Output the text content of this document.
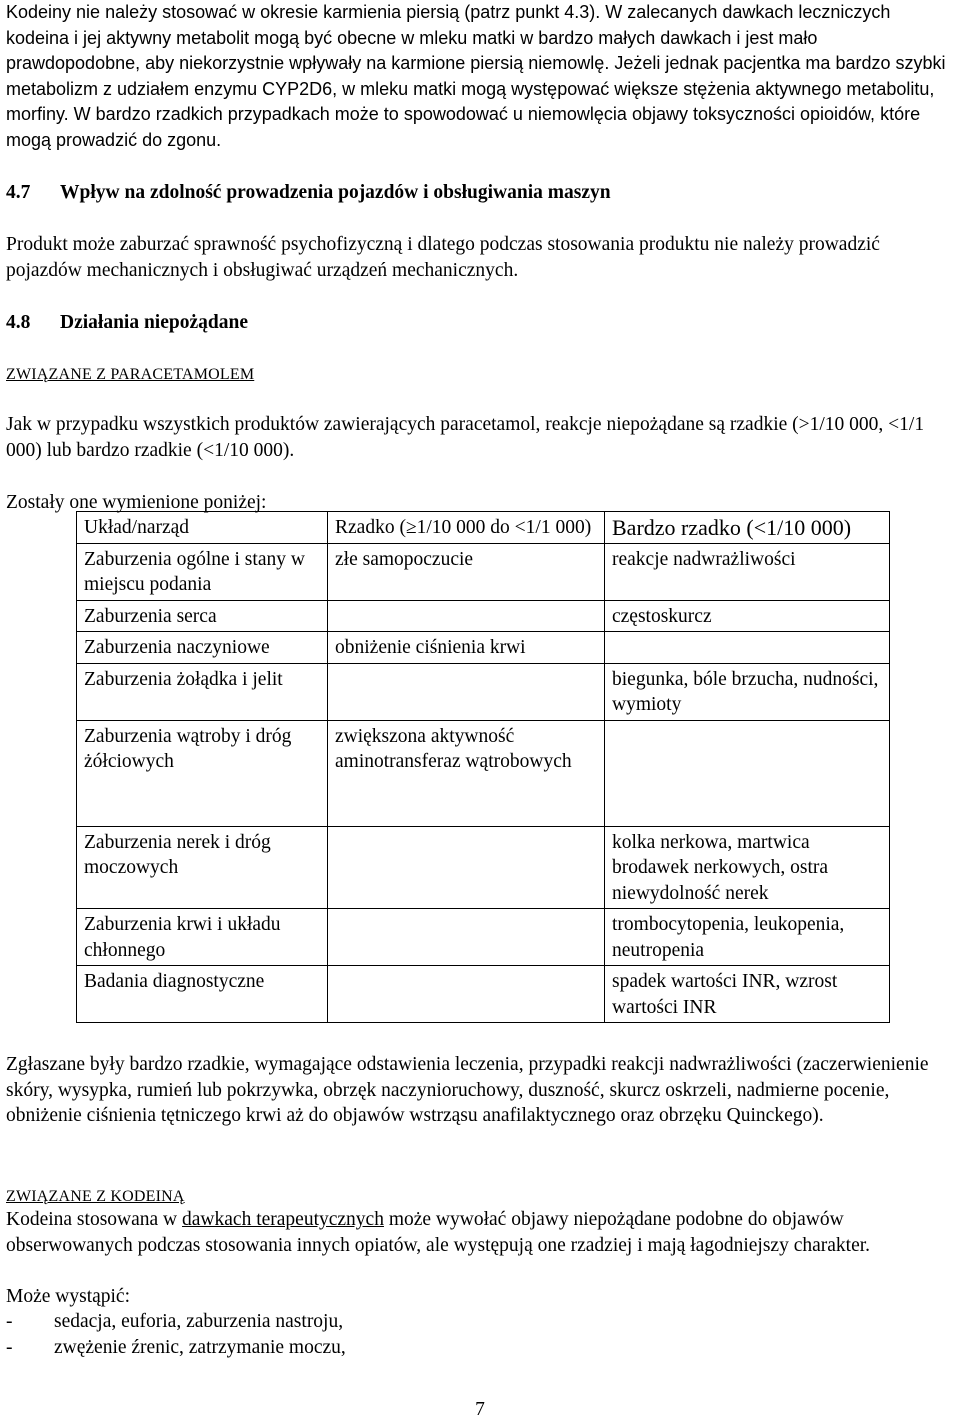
Kodeiny nie należy stosować w okresie karmienia piersią (patrz punkt 4.3). W zalecanych dawkach leczniczych kodeina i jej aktywny metabolit mogą być obecne w mleku matki w bardzo małych dawkach i jest mało prawdopodobne, aby niekorzystnie wpływały na karmione piersią niemowlę. Jeżeli jednak pacjentka ma bardzo szybki metabolizm z udziałem enzymu CYP2D6, w mleku matki mogą występować większe stężenia aktywnego metabolitu, morfiny. W bardzo rzadkich przypadkach może to spowodować u niemowlęcia objawy toksyczności opioidów, które mogą prowadzić do zgonu.

4.7 Wpływ na zdolność prowadzenia pojazdów i obsługiwania maszyn

Produkt może zaburzać sprawność psychofizyczną i dlatego podczas stosowania produktu nie należy prowadzić pojazdów mechanicznych i obsługiwać urządzeń mechanicznych.

4.8 Działania niepożądane
ZWIĄZANE Z PARACETAMOLEM

Jak w przypadku wszystkich produktów zawierających paracetamol, reakcje niepożądane są rzadkie (>1/10 000, <1/1 000) lub bardzo rzadkie (<1/10 000).

Zostały one wymienione poniżej:
Układ/narząd	Rzadko (≥1/10 000 do <1/1 000)	Bardzo rzadko (<1/10 000)
Zaburzenia ogólne i stany w miejscu podania	złe samopoczucie	reakcje nadwrażliwości
Zaburzenia serca		częstoskurcz
Zaburzenia naczyniowe	obniżenie ciśnienia krwi	
Zaburzenia żołądka i jelit		biegunka, bóle brzucha, nudności, wymioty
Zaburzenia wątroby i dróg żółciowych	zwiększona aktywność aminotransferaz wątrobowych	
Zaburzenia nerek i dróg moczowych		kolka nerkowa, martwica brodawek nerkowych, ostra niewydolność nerek
Zaburzenia krwi i układu chłonnego		trombocytopenia, leukopenia, neutropenia
Badania diagnostyczne		spadek wartości INR, wzrost wartości INR

Zgłaszane były bardzo rzadkie, wymagające odstawienia leczenia, przypadki reakcji nadwrażliwości (zaczerwienienie skóry, wysypka, rumień lub pokrzywka, obrzęk naczynioruchowy, duszność, skurcz oskrzeli, nadmierne pocenie, obniżenie ciśnienia tętniczego krwi aż do objawów wstrząsu anafilaktycznego oraz obrzęku Quinckego).

ZWIĄZANE Z KODEINĄ

Kodeina stosowana w dawkach terapeutycznych może wywołać objawy niepożądane podobne do objawów obserwowanych podczas stosowania innych opiatów, ale występują one rzadziej i mają łagodniejszy charakter.

Może wystąpić:
- sedacja, euforia, zaburzenia nastroju,
- zwężenie źrenic, zatrzymanie moczu,
7
